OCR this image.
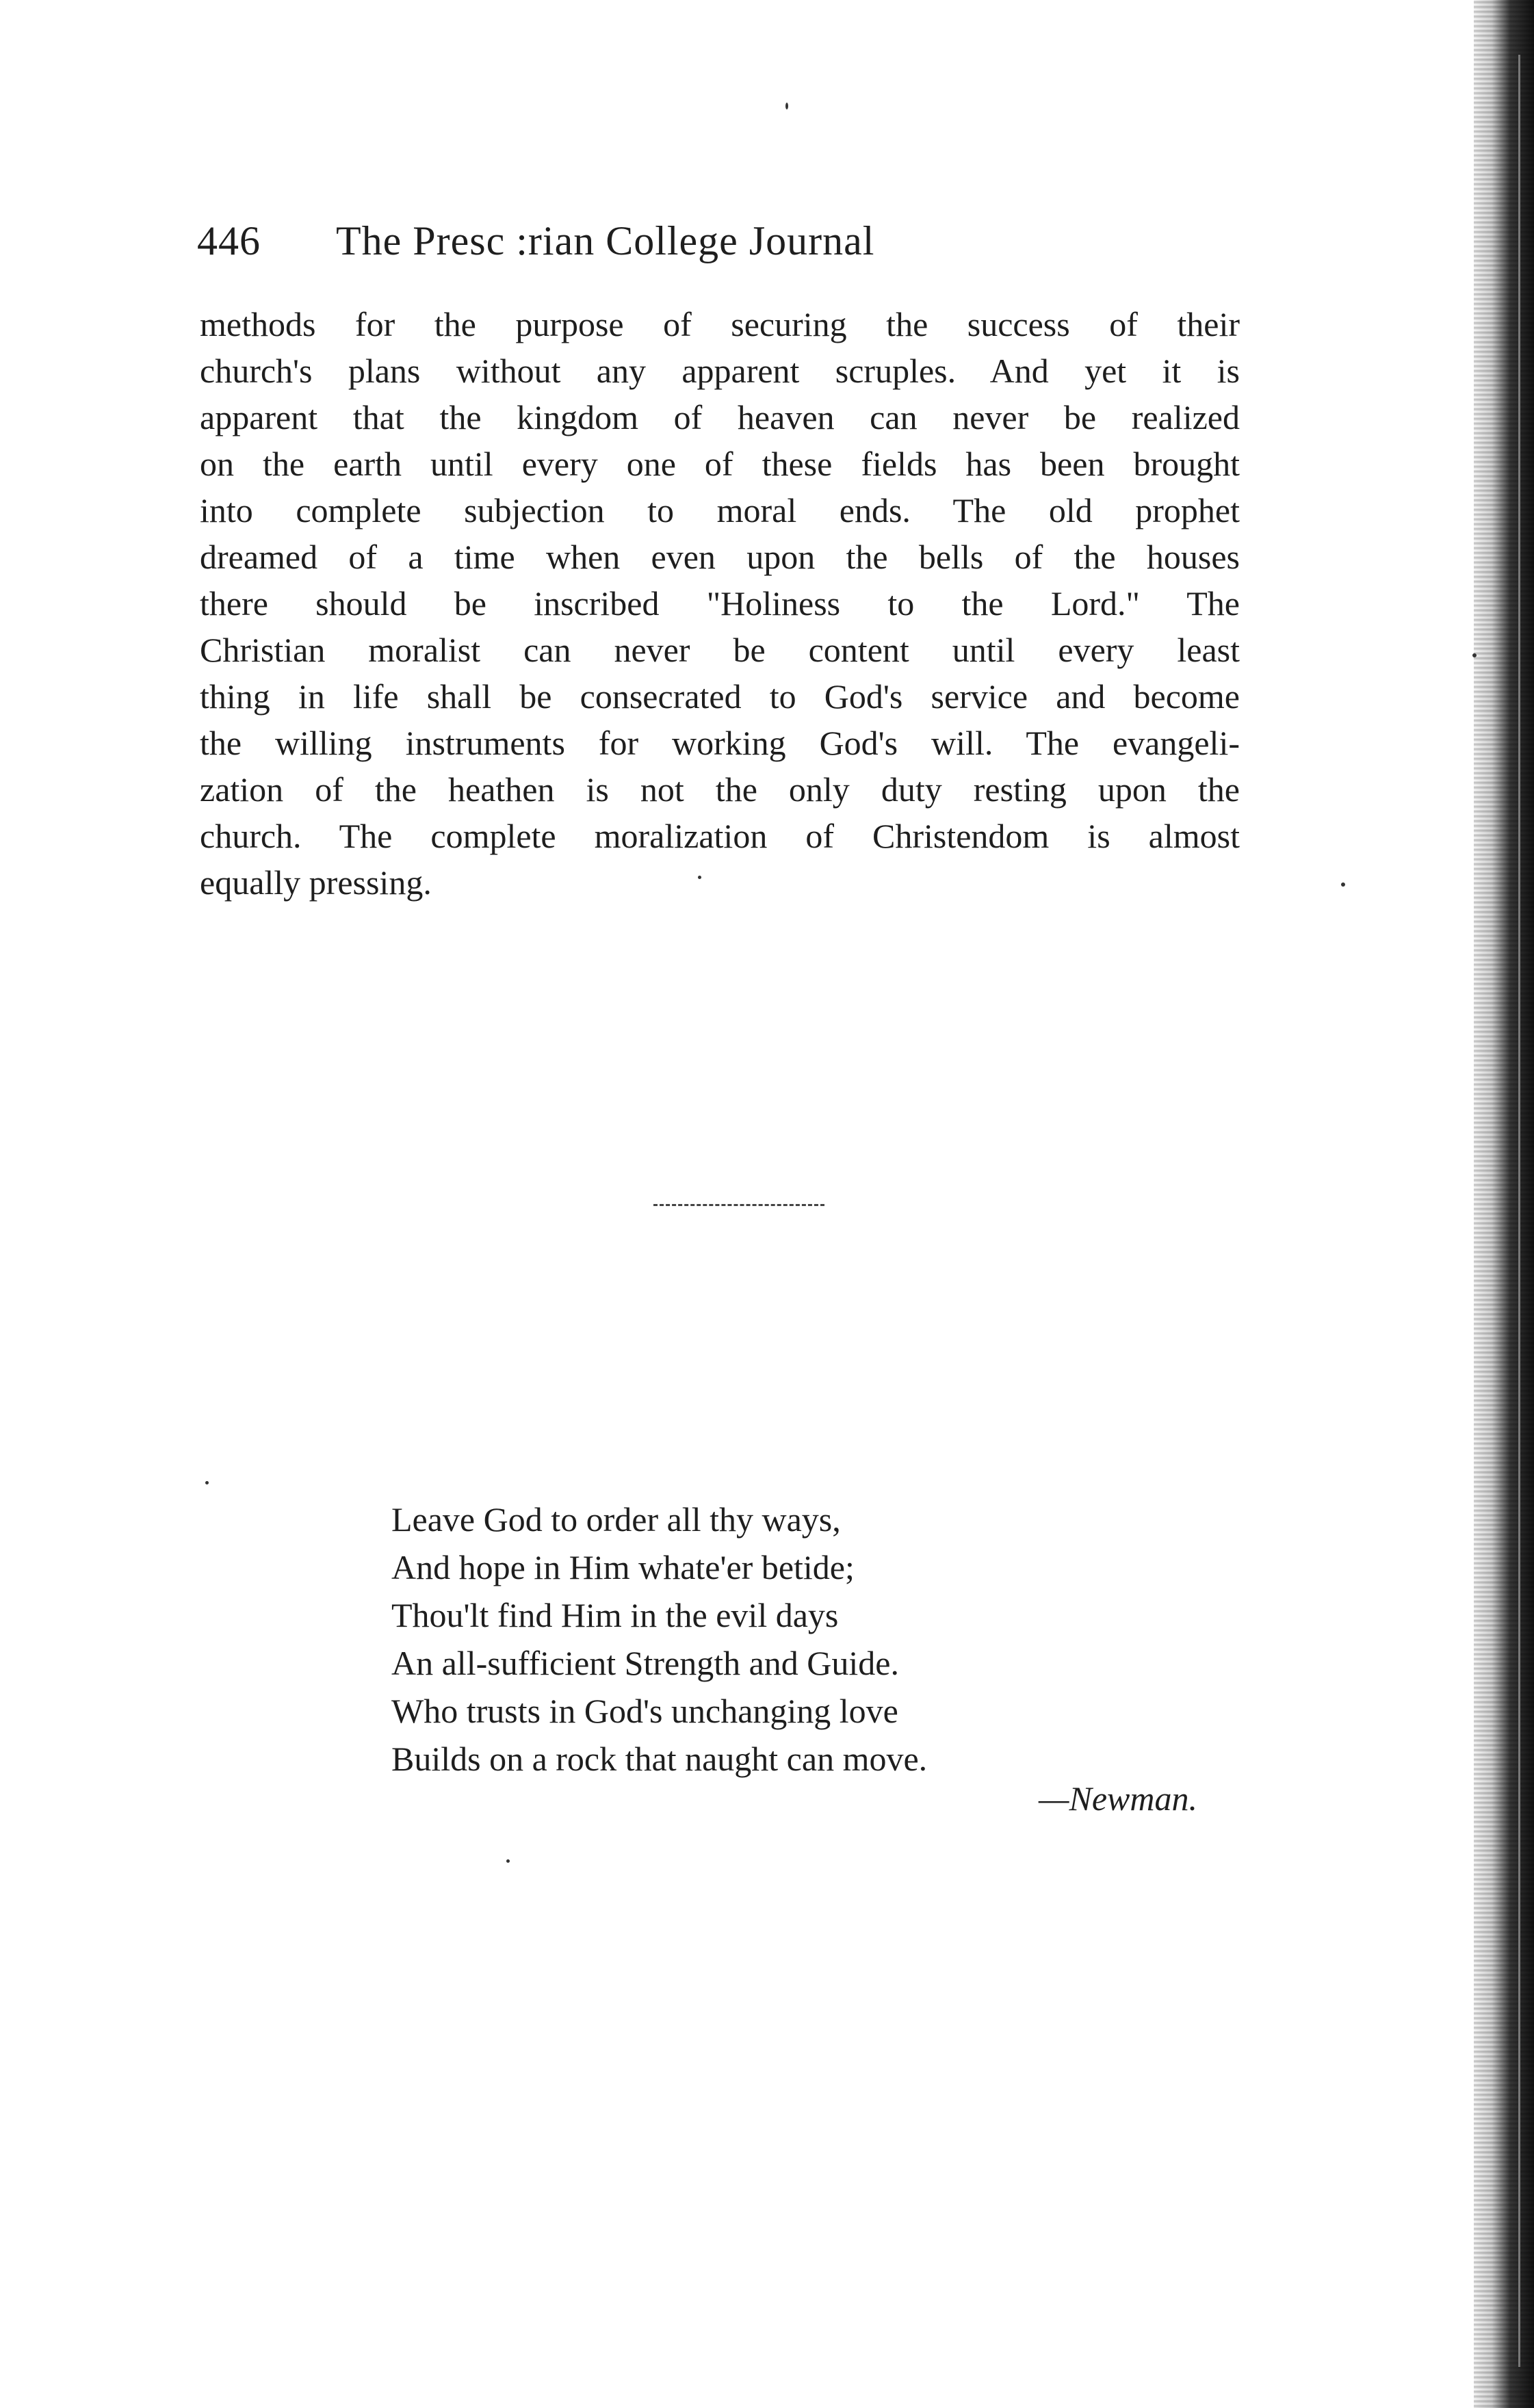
446 The Presc :rian College Journal

methods for the purpose of securing the success of their
church's plans without any apparent scruples. And yet it is
apparent that the kingdom of heaven can never be realized
on the earth until every one of these fields has been brought
into complete subjection to moral ends. The old prophet
dreamed of a time when even upon the bells of the houses
there should be inscribed "Holiness to the Lord." The
Christian moralist can never be content until every least
thing in life shall be consecrated to God's service and become
the willing instruments for working God's will. The evangeli-
zation of the heathen is not the only duty resting upon the
church. The complete moralization of Christendom is almost
equally pressing.

Leave God to order all thy ways,
And hope in Him whate'er betide;
Thou'lt find Him in the evil days
An all-sufficient Strength and Guide.
Who trusts in God's unchanging love
Builds on a rock that naught can move.
—Newman.
